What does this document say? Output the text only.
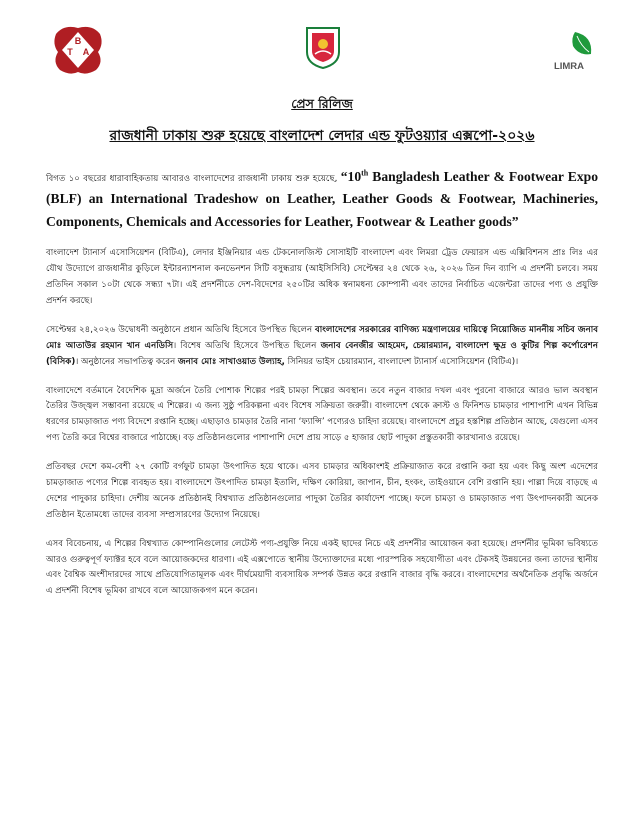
B
T A
LIMRA
প্রেস রিলিজ
রাজধানী ঢাকায় শুরু হয়েছে বাংলাদেশ লেদার এন্ড ফুটওয়্যার এক্সপো-২০২৬

বিগত ১০ বছরের ধারাবাহিকতায় আবারও বাংলাদেশের রাজধানী ঢাকায় শুরু হয়েছে, “10th Bangladesh Leather & Footwear Expo (BLF) an International Tradeshow on Leather, Leather Goods & Footwear, Machineries, Components, Chemicals and Accessories for Leather, Footwear & Leather goods”

বাংলাদেশ ট্যানার্স এসোসিয়েশন (বিটিএ), লেদার ইঞ্জিনিয়ার এন্ড টেকনোলজিস্ট সোসাইটি বাংলাদেশ এবং লিমরা ট্রেড ফেয়ারস এন্ড এক্সিবিশনস প্রাঃ লিঃ এর যৌথ উদ্যোগে রাজধানীর কুড়িলে ইন্টারন্যাশনাল কনভেনশন সিটি বসুন্ধরায় (আইসিসিবি) সেপ্টেম্বর ২৪ থেকে ২৬, ২০২৬ তিন দিন ব্যাপি এ প্রদর্শনী চলবে। সময় প্রতিদিন সকাল ১০টা থেকে সন্ধ্যা ৭টা। এই প্রদর্শনীতে দেশ-বিদেশের ২৫০টির অধিক স্বনামধন্য কোম্পানী এবং তাদের নির্বাচিত এজেন্টরা তাদের পণ্য ও প্রযুক্তি প্রদর্শন করছে।

সেপ্টেম্বর ২৪,২০২৬ উদ্বোধনী অনুষ্ঠানে প্রধান অতিথি হিসেবে উপস্থিত ছিলেন বাংলাদেশের সরকারের বাণিজ্য মন্ত্রণালয়ের দায়িত্বে নিয়োজিত মাননীয় সচিব জনাব মোঃ আতাউর রহমান খান এনডিসি। বিশেষ অতিথি হিসেবে উপস্থিত ছিলেন জনাব বেনজীর আহমেদ, চেয়ারম্যান, বাংলাদেশ ক্ষুদ্র ও কুটির শিল্প কর্পোরেশন (বিসিক)। অনুষ্ঠানের সভাপতিত্ব করেন জনাব মোঃ সাখাওয়াত উল্যাহ, সিনিয়র ভাইস চেয়ারম্যান, বাংলাদেশ ট্যানার্স এসোসিয়েশন (বিটিএ)।

বাংলাদেশে বর্তমানে বৈদেশিক মুদ্রা অর্জনে তৈরি পোশাক শিল্পের পরই চামড়া শিল্পের অবস্থান। তবে নতুন বাজার দখল এবং পুরনো বাজারে আরও ভাল অবস্থান তৈরির উজ্জ্বল সম্ভাবনা রয়েছে এ শিল্পের। এ জন্য সুষ্ঠু পরিকল্পনা এবং বিশেষ সক্রিয়তা জরুরী। বাংলাদেশ থেকে ক্রাস্ট ও ফিনিশড চামড়ার পাশাপাশি এখন বিভিন্ন ধরণের চামড়াজাত পণ্য বিদেশে রপ্তানি হচ্ছে। এছাড়াও চামড়ার তৈরি নানা ‘ফ্যান্সি’ পণ্যেরও চাহিদা রয়েছে। বাংলাদেশে প্রচুর হস্তশিল্প প্রতিষ্ঠান আছে, যেগুলো এসব পণ্য তৈরি করে বিশ্বের বাজারে পাঠাচ্ছে। বড় প্রতিষ্ঠানগুলোর পাশাপাশি দেশে প্রায় সাড়ে ৫ হাজার ছোট পাদুকা প্রস্তুতকারী কারখানাও রয়েছে।

প্রতিবছর দেশে কম-বেশী ২৭ কোটি বর্গফুট চামড়া উৎপাদিত হয়ে থাকে। এসব চামড়ার অধিকাংশই প্রক্রিয়াজাত করে রপ্তানি করা হয় এবং কিছু অংশ এদেশের চামড়াজাত পণ্যের শিল্পে ব্যবহৃত হয়। বাংলাদেশে উৎপাদিত চামড়া ইতালি, দক্ষিণ কোরিয়া, জাপান, চীন, হংকং, তাইওয়ানে বেশি রপ্তানি হয়। পাল্লা দিয়ে বাড়ছে এ দেশের পাদুকার চাহিদা। দেশীয় অনেক প্রতিষ্ঠানই বিশ্বখ্যাত প্রতিষ্ঠানগুলোর পাদুকা তৈরির কার্যাদেশ পাচ্ছে। ফলে চামড়া ও চামড়াজাত পণ্য উৎপাদনকারী অনেক প্রতিষ্ঠান ইতোমধ্যে তাদের ব্যবসা সম্প্রসারণের উদ্যোগ নিয়েছে।

এসব বিবেচনায়, এ শিল্পের বিশ্বখ্যাত কোম্পানিগুলোর লেটেস্ট পণ্য-প্রযুক্তি নিয়ে একই ছাদের নিচে এই প্রদর্শনীর আয়োজন করা হয়েছে। প্রদর্শনীর ভূমিকা ভবিষ্যতে আরও গুরুত্বপূর্ণ ফ্যাক্টর হবে বলে আয়োজকদের ধারণা। এই এক্সপোতে স্থানীয় উদ্যোক্তাদের মধ্যে পারস্পরিক সহযোগীতা এবং টেকসই উন্নয়নের জন্য তাদের স্থানীয় এবং বৈশ্বিক অংশীদারদের সাথে প্রতিযোগিতামূলক এবং দীর্ঘমেয়াদী ব্যবসায়িক সম্পর্ক উন্নত করে রপ্তানি বাজার বৃদ্ধি করবে। বাংলাদেশের অর্থনৈতিক প্রবৃদ্ধি অর্জনে এ প্রদর্শনী বিশেষ ভূমিকা রাখবে বলে আয়োজকগণ মনে করেন।
